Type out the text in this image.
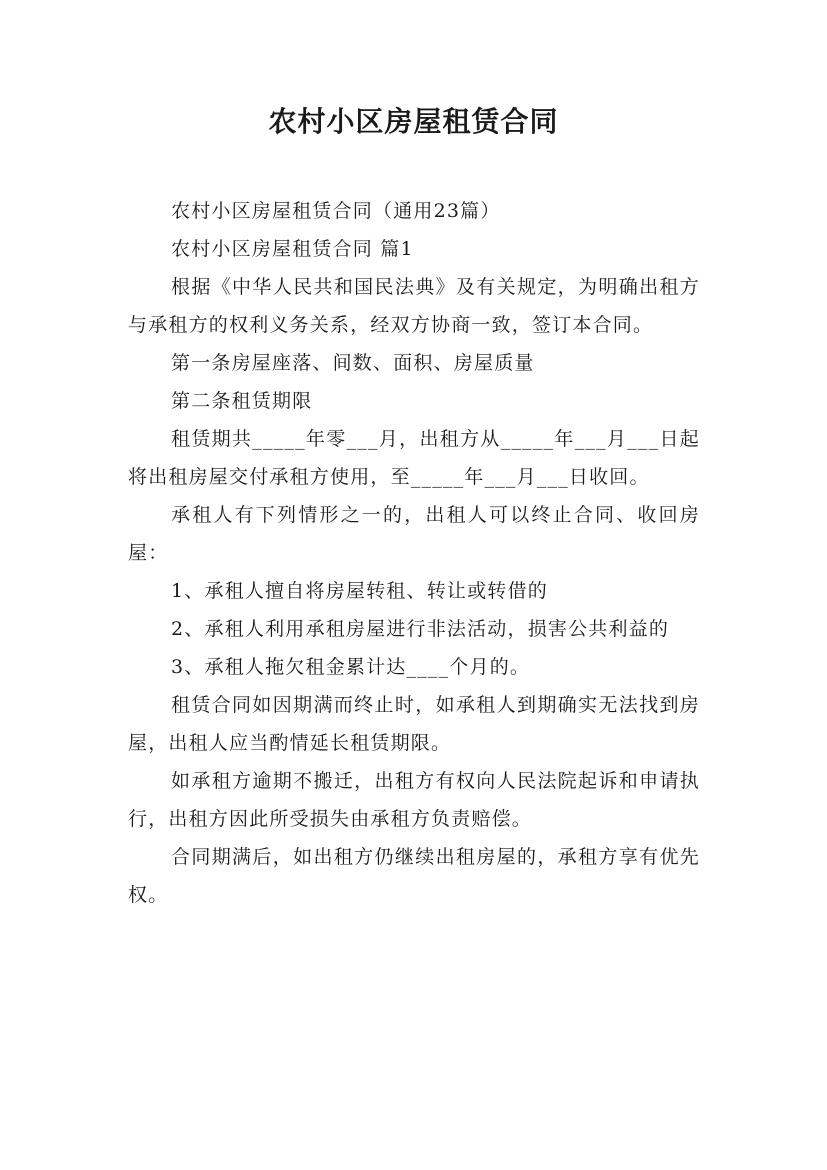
农村小区房屋租赁合同

农村小区房屋租赁合同（通用23篇）

农村小区房屋租赁合同 篇1

根据《中华人民共和国民法典》及有关规定，为明确出租方与承租方的权利义务关系，经双方协商一致，签订本合同。

第一条房屋座落、间数、面积、房屋质量

第二条租赁期限

租赁期共_____年零___月，出租方从_____年___月___日起将出租房屋交付承租方使用，至_____年___月___日收回。

承租人有下列情形之一的，出租人可以终止合同、收回房屋：

1、承租人擅自将房屋转租、转让或转借的

2、承租人利用承租房屋进行非法活动，损害公共利益的

3、承租人拖欠租金累计达____个月的。

租赁合同如因期满而终止时，如承租人到期确实无法找到房屋，出租人应当酌情延长租赁期限。

如承租方逾期不搬迁，出租方有权向人民法院起诉和申请执行，出租方因此所受损失由承租方负责赔偿。

合同期满后，如出租方仍继续出租房屋的，承租方享有优先权。
